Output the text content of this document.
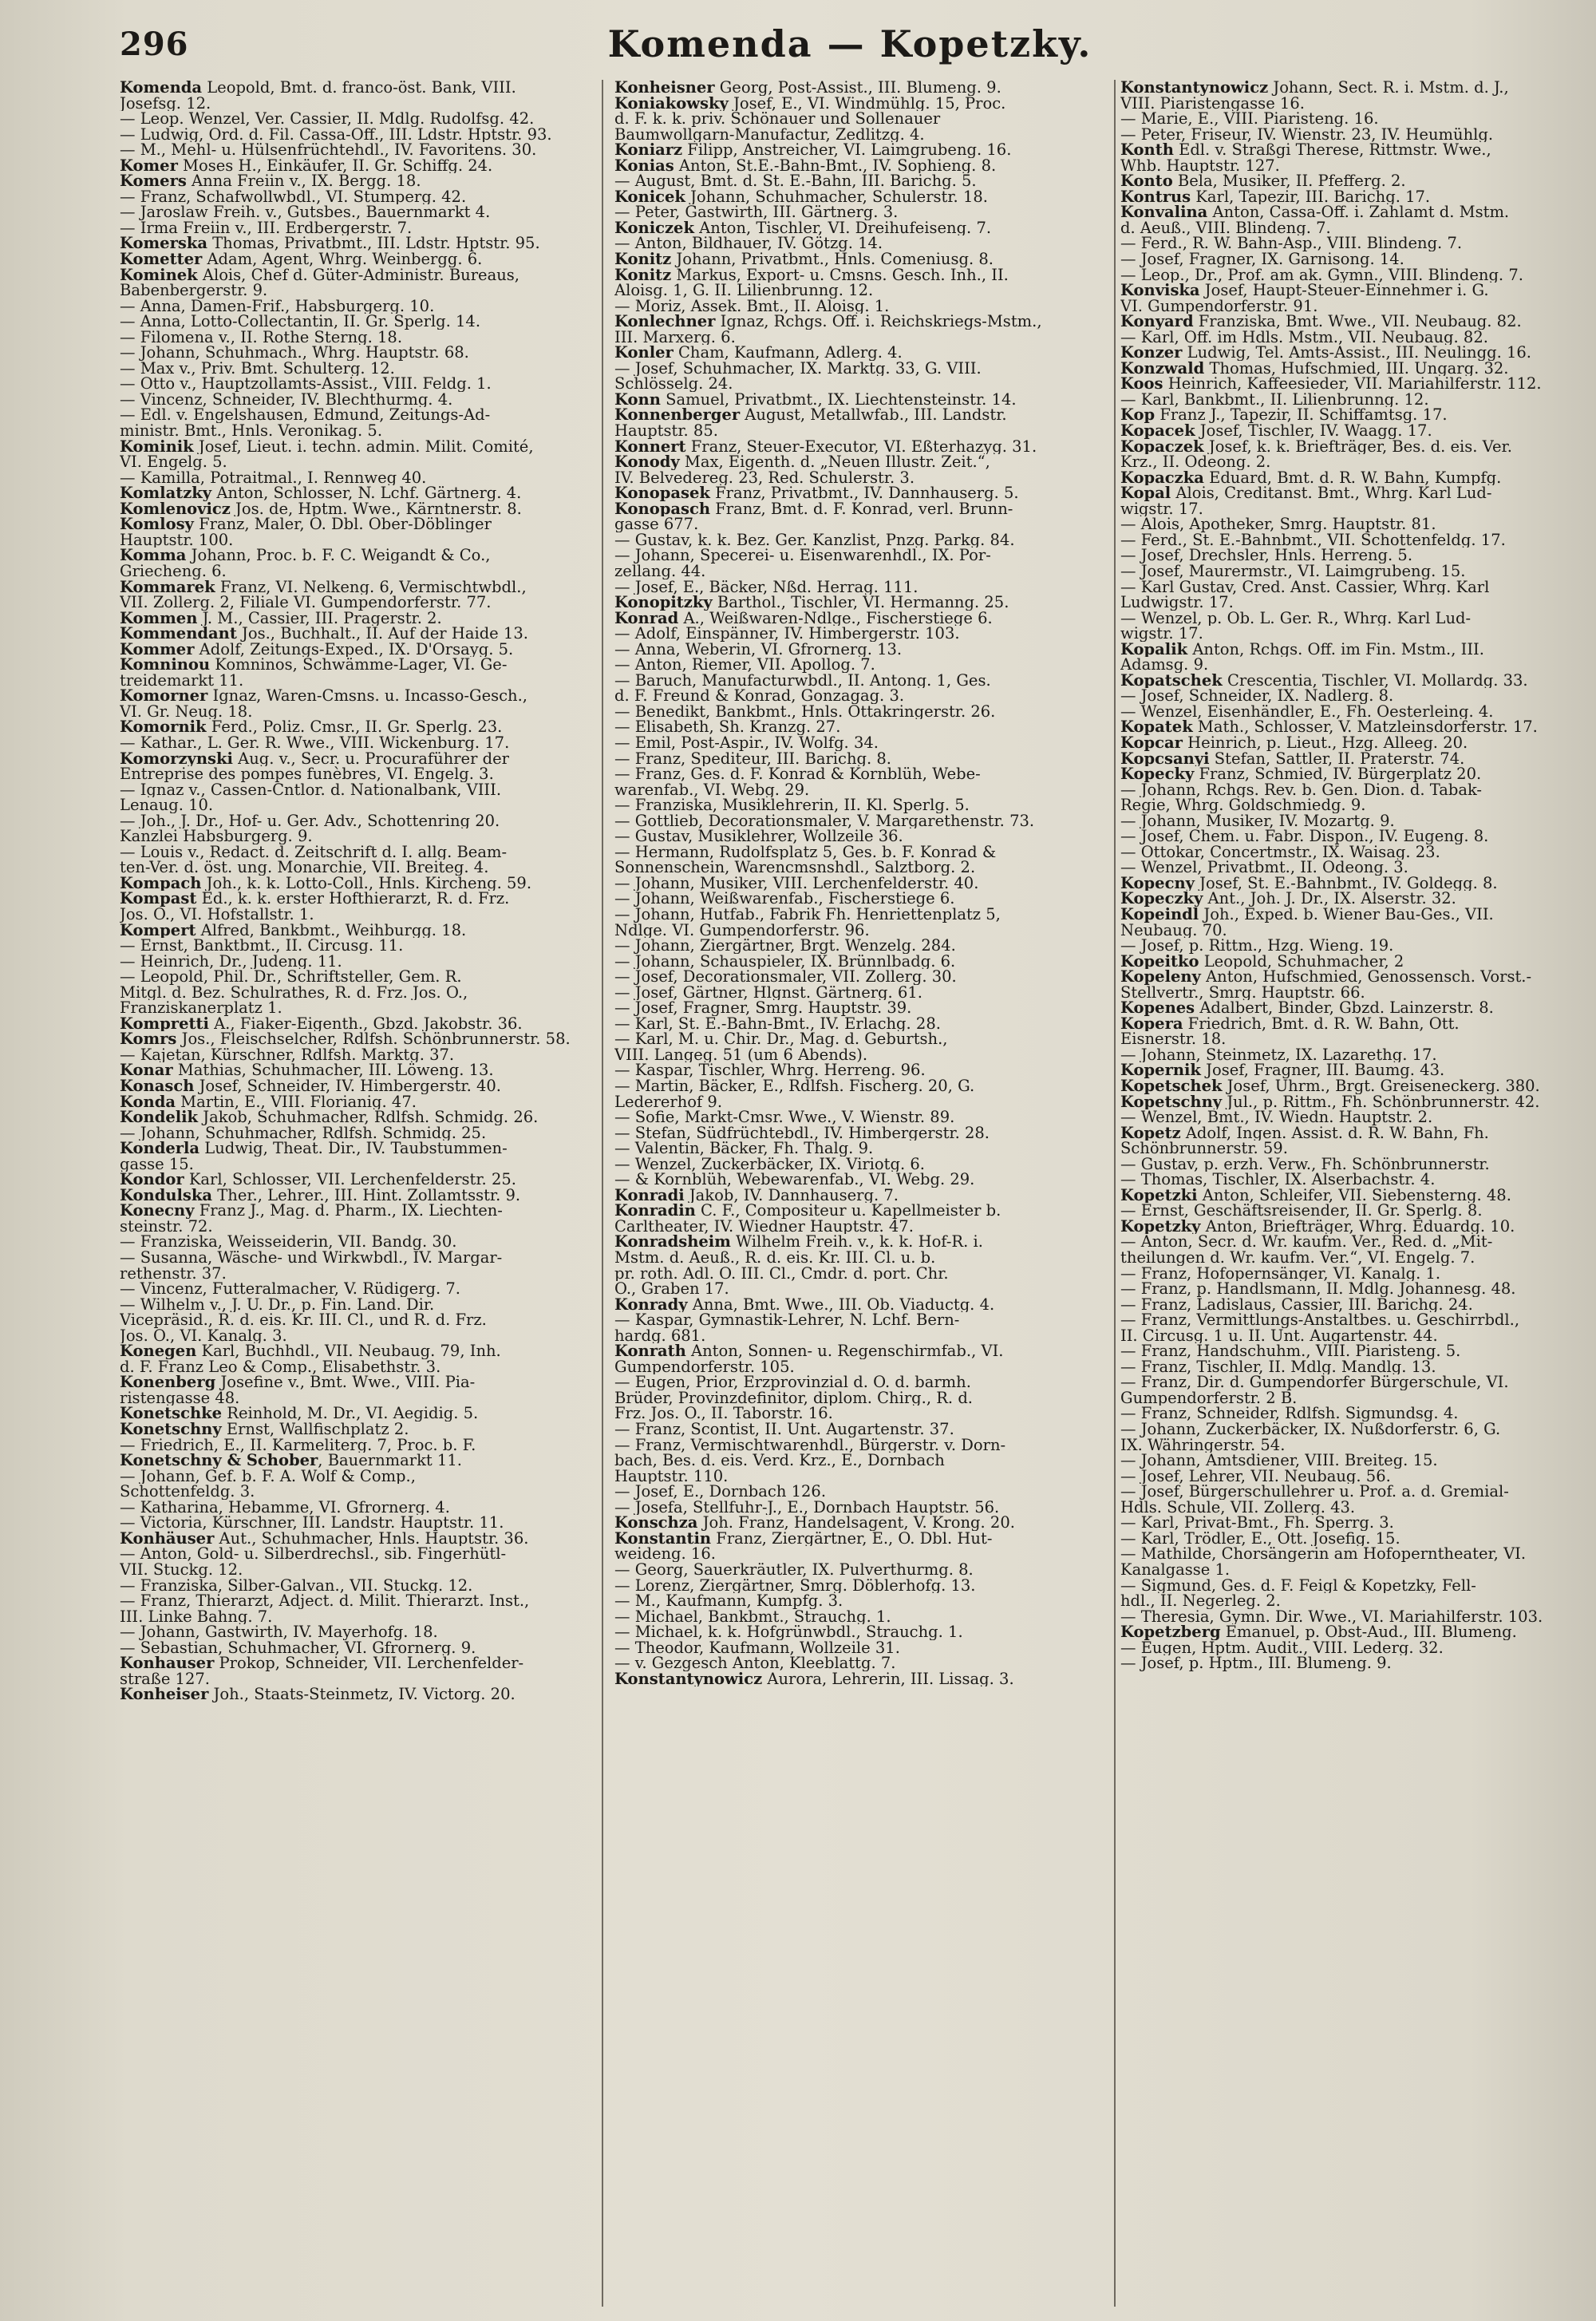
296	Komenda — Kopetzky.

Komenda Leopold, Bmt. d. franco-öst. Bank, VIII.

Josefsg. 12.

— Leop. Wenzel, Ver. Cassier, II. Mdlg. Rudolfsg. 42.

— Ludwig, Ord. d. Fil. Cassa-Off., III. Ldstr. Hptstr. 93.

— M., Mehl- u. Hülsenfrüchtehdl., IV. Favoritens. 30.

Komer Moses H., Einkäufer, II. Gr. Schiffg. 24.

Komers Anna Freiin v., IX. Bergg. 18.

— Franz, Schafwollwbdl., VI. Stumperg. 42.

— Jaroslaw Freih. v., Gutsbes., Bauernmarkt 4.

— Irma Freiin v., III. Erdbergerstr. 7.

Komerska Thomas, Privatbmt., III. Ldstr. Hptstr. 95.

Kometter Adam, Agent, Whrg. Weinbergg. 6.

Kominek Alois, Chef d. Güter-Administr. Bureaus,

Babenbergerstr. 9.

— Anna, Damen-Frif., Habsburgerg. 10.

— Anna, Lotto-Collectantin, II. Gr. Sperlg. 14.

— Filomena v., II. Rothe Sterng. 18.

— Johann, Schuhmach., Whrg. Hauptstr. 68.

— Max v., Priv. Bmt. Schulterg. 12.

— Otto v., Hauptzollamts-Assist., VIII. Feldg. 1.

— Vincenz, Schneider, IV. Blechthurmg. 4.

— Edl. v. Engelshausen, Edmund, Zeitungs-Ad-

ministr. Bmt., Hnls. Veronikag. 5.

Kominik Josef, Lieut. i. techn. admin. Milit. Comité,

VI. Engelg. 5.

— Kamilla, Potraitmal., I. Rennweg 40.

Komlatzky Anton, Schlosser, N. Lchf. Gärtnerg. 4.

Komlenovicz Jos. de, Hptm. Wwe., Kärntnerstr. 8.

Komlosy Franz, Maler, O. Dbl. Ober-Döblinger

Hauptstr. 100.

Komma Johann, Proc. b. F. C. Weigandt & Co.,

Griecheng. 6.

Kommarek Franz, VI. Nelkeng. 6, Vermischtwbdl.,

VII. Zollerg. 2, Filiale VI. Gumpendorferstr. 77.

Kommen J. M., Cassier, III. Pragerstr. 2.

Kommendant Jos., Buchhalt., II. Auf der Haide 13.

Kommer Adolf, Zeitungs-Exped., IX. D'Orsayg. 5.

Komninou Komninos, Schwämme-Lager, VI. Ge-

treidemarkt 11.

Komorner Ignaz, Waren-Cmsns. u. Incasso-Gesch.,

VI. Gr. Neug. 18.

Komornik Ferd., Poliz. Cmsr., II. Gr. Sperlg. 23.

— Kathar., L. Ger. R. Wwe., VIII. Wickenburg. 17.

Komorzynski Aug. v., Secr. u. Procuraführer der

Entreprise des pompes funèbres, VI. Engelg. 3.

— Ignaz v., Cassen-Cntlor. d. Nationalbank, VIII.

Lenaug. 10.

— Joh., J. Dr., Hof- u. Ger. Adv., Schottenring 20.

Kanzlei Habsburgerg. 9.

— Louis v., Redact. d. Zeitschrift d. I. allg. Beam-

ten-Ver. d. öst. ung. Monarchie, VII. Breiteg. 4.

Kompach Joh., k. k. Lotto-Coll., Hnls. Kircheng. 59.

Kompast Ed., k. k. erster Hofthierarzt, R. d. Frz.

Jos. O., VI. Hofstallstr. 1.

Kompert Alfred, Bankbmt., Weihburgg. 18.

— Ernst, Banktbmt., II. Circusg. 11.

— Heinrich, Dr., Judeng. 11.

— Leopold, Phil. Dr., Schriftsteller, Gem. R.

Mitgl. d. Bez. Schulrathes, R. d. Frz. Jos. O.,

Franziskanerplatz 1.

Kompretti A., Fiaker-Eigenth., Gbzd. Jakobstr. 36.

Komrs Jos., Fleischselcher, Rdlfsh. Schönbrunnerstr. 58.

— Kajetan, Kürschner, Rdlfsh. Marktg. 37.

Konar Mathias, Schuhmacher, III. Löweng. 13.

Konasch Josef, Schneider, IV. Himbergerstr. 40.

Konda Martin, E., VIII. Florianig. 47.

Kondelik Jakob, Schuhmacher, Rdlfsh. Schmidg. 26.

— Johann, Schuhmacher, Rdlfsh. Schmidg. 25.

Konderla Ludwig, Theat. Dir., IV. Taubstummen-

gasse 15.

Kondor Karl, Schlosser, VII. Lerchenfelderstr. 25.

Kondulska Ther., Lehrer., III. Hint. Zollamtsstr. 9.

Konecny Franz J., Mag. d. Pharm., IX. Liechten-

steinstr. 72.

— Franziska, Weisseiderin, VII. Bandg. 30.

— Susanna, Wäsche- und Wirkwbdl., IV. Margar-

rethenstr. 37.

— Vincenz, Futteralmacher, V. Rüdigerg. 7.

— Wilhelm v., J. U. Dr., p. Fin. Land. Dir.

Vicepräsid., R. d. eis. Kr. III. Cl., und R. d. Frz.

Jos. O., VI. Kanalg. 3.

Konegen Karl, Buchhdl., VII. Neubaug. 79, Inh.

d. F. Franz Leo & Comp., Elisabethstr. 3.

Konenberg Josefine v., Bmt. Wwe., VIII. Pia-

ristengasse 48.

Konetschke Reinhold, M. Dr., VI. Aegidig. 5.

Konetschny Ernst, Wallfischplatz 2.

— Friedrich, E., II. Karmeliterg. 7, Proc. b. F.

Konetschny & Schober, Bauernmarkt 11.

— Johann, Gef. b. F. A. Wolf & Comp.,

Schottenfeldg. 3.

— Katharina, Hebamme, VI. Gfrornerg. 4.

— Victoria, Kürschner, III. Landstr. Hauptstr. 11.

Konhäuser Aut., Schuhmacher, Hnls. Hauptstr. 36.

— Anton, Gold- u. Silberdrechsl., sib. Fingerhütl-

VII. Stuckg. 12.

— Franziska, Silber-Galvan., VII. Stuckg. 12.

— Franz, Thierarzt, Adject. d. Milit. Thierarzt. Inst.,

III. Linke Bahng. 7.

— Johann, Gastwirth, IV. Mayerhofg. 18.

— Sebastian, Schuhmacher, VI. Gfrornerg. 9.

Konhauser Prokop, Schneider, VII. Lerchenfelder-

straße 127.

Konheiser Joh., Staats-Steinmetz, IV. Victorg. 20.

Konheisner Georg, Post-Assist., III. Blumeng. 9.

Koniakowsky Josef, E., VI. Windmühlg. 15, Proc.

d. F. k. k. priv. Schönauer und Sollenauer

Baumwollgarn-Manufactur, Zedlitzg. 4.

Koniarz Filipp, Anstreicher, VI. Laimgrubeng. 16.

Konias Anton, St.E.-Bahn-Bmt., IV. Sophieng. 8.

— August, Bmt. d. St. E.-Bahn, III. Barichg. 5.

Konicek Johann, Schuhmacher, Schulerstr. 18.

— Peter, Gastwirth, III. Gärtnerg. 3.

Koniczek Anton, Tischler, VI. Dreihufeiseng. 7.

— Anton, Bildhauer, IV. Götzg. 14.

Konitz Johann, Privatbmt., Hnls. Comeniusg. 8.

Konitz Markus, Export- u. Cmsns. Gesch. Inh., II.

Aloisg. 1, G. II. Lilienbrunng. 12.

— Moriz, Assek. Bmt., II. Aloisg. 1.

Konlechner Ignaz, Rchgs. Off. i. Reichskriegs-Mstm.,

III. Marxerg. 6.

Konler Cham, Kaufmann, Adlerg. 4.

— Josef, Schuhmacher, IX. Marktg. 33, G. VIII.

Schlösselg. 24.

Konn Samuel, Privatbmt., IX. Liechtensteinstr. 14.

Konnenberger August, Metallwfab., III. Landstr.

Hauptstr. 85.

Konnert Franz, Steuer-Executor, VI. Eßterhazyg. 31.

Konody Max, Eigenth. d. „Neuen Illustr. Zeit.“,

IV. Belvedereg. 23, Red. Schulerstr. 3.

Konopasek Franz, Privatbmt., IV. Dannhauserg. 5.

Konopasch Franz, Bmt. d. F. Konrad, verl. Brunn-

gasse 677.

— Gustav, k. k. Bez. Ger. Kanzlist, Pnzg. Parkg. 84.

— Johann, Specerei- u. Eisenwarenhdl., IX. Por-

zellang. 44.

— Josef, E., Bäcker, Nßd. Herrag. 111.

Konopitzky Barthol., Tischler, VI. Hermanng. 25.

Konrad A., Weißwaren-Ndlge., Fischerstiege 6.

— Adolf, Einspänner, IV. Himbergerstr. 103.

— Anna, Weberin, VI. Gfrornerg. 13.

— Anton, Riemer, VII. Apollog. 7.

— Baruch, Manufacturwbdl., II. Antong. 1, Ges.

d. F. Freund & Konrad, Gonzagag. 3.

— Benedikt, Bankbmt., Hnls. Ottakringerstr. 26.

— Elisabeth, Sh. Kranzg. 27.

— Emil, Post-Aspir., IV. Wolfg. 34.

— Franz, Spediteur, III. Barichg. 8.

— Franz, Ges. d. F. Konrad & Kornblüh, Webe-

warenfab., VI. Webg. 29.

— Franziska, Musiklehrerin, II. Kl. Sperlg. 5.

— Gottlieb, Decorationsmaler, V. Margarethenstr. 73.

— Gustav, Musiklehrer, Wollzeile 36.

— Hermann, Rudolfsplatz 5, Ges. b. F. Konrad &

Sonnenschein, Warencmsnshdl., Salztborg. 2.

— Johann, Musiker, VIII. Lerchenfelderstr. 40.

— Johann, Weißwarenfab., Fischerstiege 6.

— Johann, Hutfab., Fabrik Fh. Henriettenplatz 5,

Ndlge. VI. Gumpendorferstr. 96.

— Johann, Ziergärtner, Brgt. Wenzelg. 284.

— Johann, Schauspieler, IX. Brünnlbadg. 6.

— Josef, Decorationsmaler, VII. Zollerg. 30.

— Josef, Gärtner, Hlgnst. Gärtnerg. 61.

— Josef, Fragner, Smrg. Hauptstr. 39.

— Karl, St. E.-Bahn-Bmt., IV. Erlachg. 28.

— Karl, M. u. Chir. Dr., Mag. d. Geburtsh.,

VIII. Langeg. 51 (um 6 Abends).

— Kaspar, Tischler, Whrg. Herreng. 96.

— Martin, Bäcker, E., Rdlfsh. Fischerg. 20, G.

Ledererhof 9.

— Sofie, Markt-Cmsr. Wwe., V. Wienstr. 89.

— Stefan, Südfrüchtebdl., IV. Himbergerstr. 28.

— Valentin, Bäcker, Fh. Thalg. 9.

— Wenzel, Zuckerbäcker, IX. Viriotg. 6.

— & Kornblüh, Webewarenfab., VI. Webg. 29.

Konradi Jakob, IV. Dannhauserg. 7.

Konradin C. F., Compositeur u. Kapellmeister b.

Carltheater, IV. Wiedner Hauptstr. 47.

Konradsheim Wilhelm Freih. v., k. k. Hof-R. i.

Mstm. d. Aeuß., R. d. eis. Kr. III. Cl. u. b.

pr. roth. Adl. O. III. Cl., Cmdr. d. port. Chr.

O., Graben 17.

Konrady Anna, Bmt. Wwe., III. Ob. Viaductg. 4.

— Kaspar, Gymnastik-Lehrer, N. Lchf. Bern-

hardg. 681.

Konrath Anton, Sonnen- u. Regenschirmfab., VI.

Gumpendorferstr. 105.

— Eugen, Prior, Erzprovinzial d. O. d. barmh.

Brüder, Provinzdefinitor, diplom. Chirg., R. d.

Frz. Jos. O., II. Taborstr. 16.

— Franz, Scontist, II. Unt. Augartenstr. 37.

— Franz, Vermischtwarenhdl., Bürgerstr. v. Dorn-

bach, Bes. d. eis. Verd. Krz., E., Dornbach

Hauptstr. 110.

— Josef, E., Dornbach 126.

— Josefa, Stellfuhr-J., E., Dornbach Hauptstr. 56.

Konschza Joh. Franz, Handelsagent, V. Krong. 20.

Konstantin Franz, Ziergärtner, E., O. Dbl. Hut-

weideng. 16.

— Georg, Sauerkräutler, IX. Pulverthurmg. 8.

— Lorenz, Ziergärtner, Smrg. Döblerhofg. 13.

— M., Kaufmann, Kumpfg. 3.

— Michael, Bankbmt., Strauchg. 1.

— Michael, k. k. Hofgrünwbdl., Strauchg. 1.

— Theodor, Kaufmann, Wollzeile 31.

— v. Gezgesch Anton, Kleeblattg. 7.

Konstantynowicz Aurora, Lehrerin, III. Lissag. 3.

Konstantynowicz Johann, Sect. R. i. Mstm. d. J.,

VIII. Piaristengasse 16.

— Marie, E., VIII. Piaristeng. 16.

— Peter, Friseur, IV. Wienstr. 23, IV. Heumühlg.

Konth Edl. v. Straßgi Therese, Rittmstr. Wwe.,

Whb. Hauptstr. 127.

Konto Bela, Musiker, II. Pfefferg. 2.

Kontrus Karl, Tapezir, III. Barichg. 17.

Konvalina Anton, Cassa-Off. i. Zahlamt d. Mstm.

d. Aeuß., VIII. Blindeng. 7.

— Ferd., R. W. Bahn-Asp., VIII. Blindeng. 7.

— Josef, Fragner, IX. Garnisong. 14.

— Leop., Dr., Prof. am ak. Gymn., VIII. Blindeng. 7.

Konviska Josef, Haupt-Steuer-Einnehmer i. G.

VI. Gumpendorferstr. 91.

Konyard Franziska, Bmt. Wwe., VII. Neubaug. 82.

— Karl, Off. im Hdls. Mstm., VII. Neubaug. 82.

Konzer Ludwig, Tel. Amts-Assist., III. Neulingg. 16.

Konzwald Thomas, Hufschmied, III. Ungarg. 32.

Koos Heinrich, Kaffeesieder, VII. Mariahilferstr. 112.

— Karl, Bankbmt., II. Lilienbrunng. 12.

Kop Franz J., Tapezir, II. Schiffamtsg. 17.

Kopacek Josef, Tischler, IV. Waagg. 17.

Kopaczek Josef, k. k. Briefträger, Bes. d. eis. Ver.

Krz., II. Odeong. 2.

Kopaczka Eduard, Bmt. d. R. W. Bahn, Kumpfg.

Kopal Alois, Creditanst. Bmt., Whrg. Karl Lud-

wigstr. 17.

— Alois, Apotheker, Smrg. Hauptstr. 81.

— Ferd., St. E.-Bahnbmt., VII. Schottenfeldg. 17.

— Josef, Drechsler, Hnls. Herreng. 5.

— Josef, Maurermstr., VI. Laimgrubeng. 15.

— Karl Gustav, Cred. Anst. Cassier, Whrg. Karl

Ludwigstr. 17.

— Wenzel, p. Ob. L. Ger. R., Whrg. Karl Lud-

wigstr. 17.

Kopalik Anton, Rchgs. Off. im Fin. Mstm., III.

Adamsg. 9.

Kopatschek Crescentia, Tischler, VI. Mollardg. 33.

— Josef, Schneider, IX. Nadlerg. 8.

— Wenzel, Eisenhändler, E., Fh. Oesterleing. 4.

Kopatek Math., Schlosser, V. Matzleinsdorferstr. 17.

Kopcar Heinrich, p. Lieut., Hzg. Alleeg. 20.

Kopcsanyi Stefan, Sattler, II. Praterstr. 74.

Kopecky Franz, Schmied, IV. Bürgerplatz 20.

— Johann, Rchgs. Rev. b. Gen. Dion. d. Tabak-

Regie, Whrg. Goldschmiedg. 9.

— Johann, Musiker, IV. Mozartg. 9.

— Josef, Chem. u. Fabr. Dispon., IV. Eugeng. 8.

— Ottokar, Concertmstr., IX. Waisag. 23.

— Wenzel, Privatbmt., II. Odeong. 3.

Kopecny Josef, St. E.-Bahnbmt., IV. Goldegg. 8.

Kopeczky Ant., Joh. J. Dr., IX. Alserstr. 32.

Kopeindl Joh., Exped. b. Wiener Bau-Ges., VII.

Neubaug. 70.

— Josef, p. Rittm., Hzg. Wieng. 19.

Kopeitko Leopold, Schuhmacher, 2

Kopeleny Anton, Hufschmied, Genossensch. Vorst.-

Stellvertr., Smrg. Hauptstr. 66.

Kopenes Adalbert, Binder, Gbzd. Lainzerstr. 8.

Kopera Friedrich, Bmt. d. R. W. Bahn, Ott.

Eisnerstr. 18.

— Johann, Steinmetz, IX. Lazarethg. 17.

Kopernik Josef, Fragner, III. Baumg. 43.

Kopetschek Josef, Uhrm., Brgt. Greiseneckerg. 380.

Kopetschny Jul., p. Rittm., Fh. Schönbrunnerstr. 42.

— Wenzel, Bmt., IV. Wiedn. Hauptstr. 2.

Kopetz Adolf, Ingen. Assist. d. R. W. Bahn, Fh.

Schönbrunnerstr. 59.

— Gustav, p. erzh. Verw., Fh. Schönbrunnerstr.

— Thomas, Tischler, IX. Alserbachstr. 4.

Kopetzki Anton, Schleifer, VII. Siebensterng. 48.

— Ernst, Geschäftsreisender, II. Gr. Sperlg. 8.

Kopetzky Anton, Briefträger, Whrg. Eduardg. 10.

— Anton, Secr. d. Wr. kaufm. Ver., Red. d. „Mit-

theilungen d. Wr. kaufm. Ver.“, VI. Engelg. 7.

— Franz, Hofopernsänger, VI. Kanalg. 1.

— Franz, p. Handlsmann, II. Mdlg. Johannesg. 48.

— Franz, Ladislaus, Cassier, III. Barichg. 24.

— Franz, Vermittlungs-Anstaltbes. u. Geschirrbdl.,

II. Circusg. 1 u. II. Unt. Augartenstr. 44.

— Franz, Handschuhm., VIII. Piaristeng. 5.

— Franz, Tischler, II. Mdlg. Mandlg. 13.

— Franz, Dir. d. Gumpendorfer Bürgerschule, VI.

Gumpendorferstr. 2 B.

— Franz, Schneider, Rdlfsh. Sigmundsg. 4.

— Johann, Zuckerbäcker, IX. Nußdorferstr. 6, G.

IX. Währingerstr. 54.

— Johann, Amtsdiener, VIII. Breiteg. 15.

— Josef, Lehrer, VII. Neubaug. 56.

— Josef, Bürgerschullehrer u. Prof. a. d. Gremial-

Hdls. Schule, VII. Zollerg. 43.

— Karl, Privat-Bmt., Fh. Sperrg. 3.

— Karl, Trödler, E., Ott. Josefig. 15.

— Mathilde, Chorsängerin am Hofoperntheater, VI.

Kanalgasse 1.

— Sigmund, Ges. d. F. Feigl & Kopetzky, Fell-

hdl., II. Negerleg. 2.

— Theresia, Gymn. Dir. Wwe., VI. Mariahilferstr. 103.

Kopetzberg Emanuel, p. Obst-Aud., III. Blumeng.

— Eugen, Hptm. Audit., VIII. Lederg. 32.

— Josef, p. Hptm., III. Blumeng. 9.
